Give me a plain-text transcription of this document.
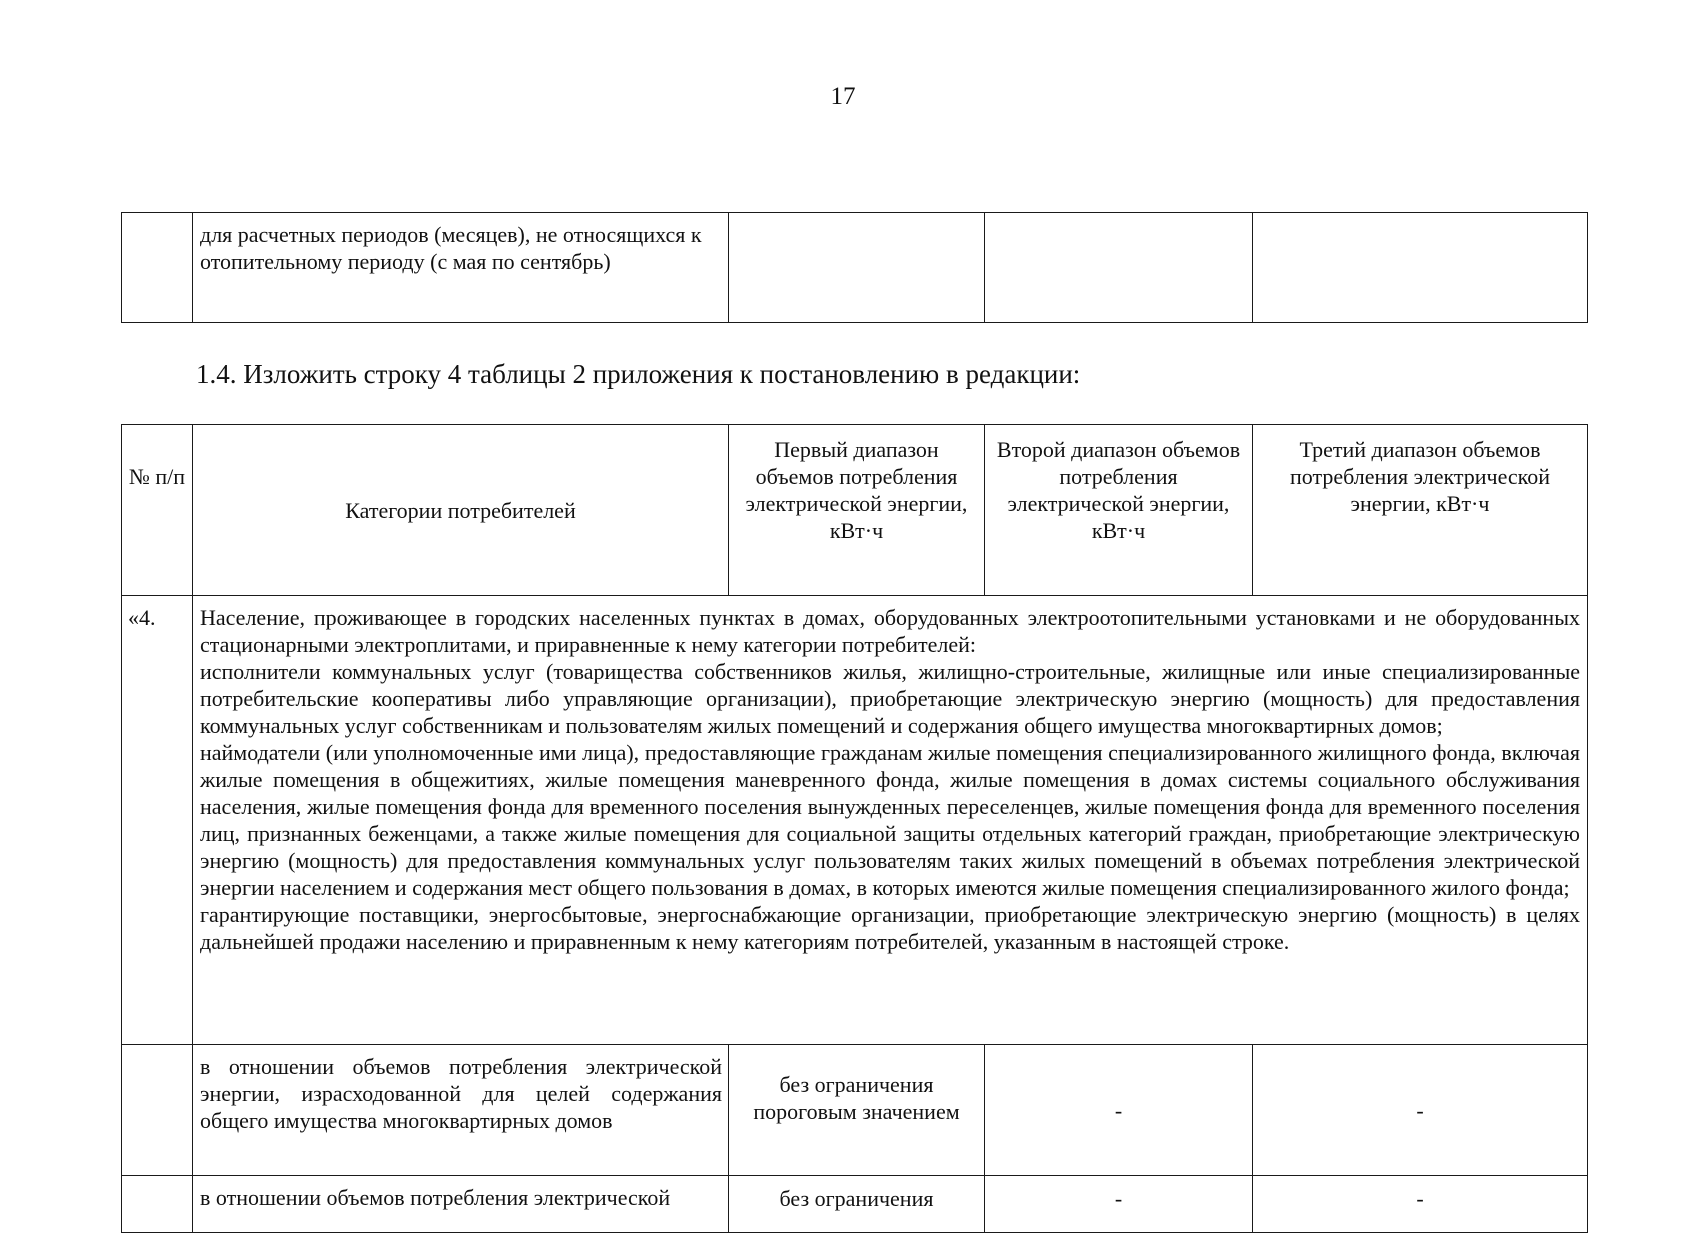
17
	для расчетных периодов (месяцев), не относящихся к отопительному периоду (с мая по сентябрь)			
1.4. Изложить строку 4 таблицы 2 приложения к постановлению в редакции:
№ п/п	Категории потребителей	Первый диапазон объемов потребления электрической энергии, кВт·ч	Второй диапазон объемов потребления электрической энергии, кВт·ч	Третий диапазон объемов потребления электрической энергии, кВт·ч
«4.	Население, проживающее в городских населенных пунктах в домах, оборудованных электроотопительными установками и не оборудованных стационарными электроплитами, и приравненные к нему категории потребителей:

исполнители коммунальных услуг (товарищества собственников жилья, жилищно-строительные, жилищные или иные специализированные потребительские кооперативы либо управляющие организации), приобретающие электрическую энергию (мощность) для предоставления коммунальных услуг собственникам и пользователям жилых помещений и содержания общего имущества многоквартирных домов;

наймодатели (или уполномоченные ими лица), предоставляющие гражданам жилые помещения специализированного жилищного фонда, включая жилые помещения в общежитиях, жилые помещения маневренного фонда, жилые помещения в домах системы социального обслуживания населения, жилые помещения фонда для временного поселения вынужденных переселенцев, жилые помещения фонда для временного поселения лиц, признанных беженцами, а также жилые помещения для социальной защиты отдельных категорий граждан, приобретающие электрическую энергию (мощность) для предоставления коммунальных услуг пользователям таких жилых помещений в объемах потребления электрической энергии населением и содержания мест общего пользования в домах, в которых имеются жилые помещения специализированного жилого фонда;

гарантирующие поставщики, энергосбытовые, энергоснабжающие организации, приобретающие электрическую энергию (мощность) в целях дальнейшей продажи населению и приравненным к нему категориям потребителей, указанным в настоящей строке.			

	в отношении объемов потребления электрической энергии, израсходованной для целей содержания общего имущества многоквартирных домов	без ограничения пороговым значением	-	-

	в отношении объемов потребления электрической	без ограничения	-	-
